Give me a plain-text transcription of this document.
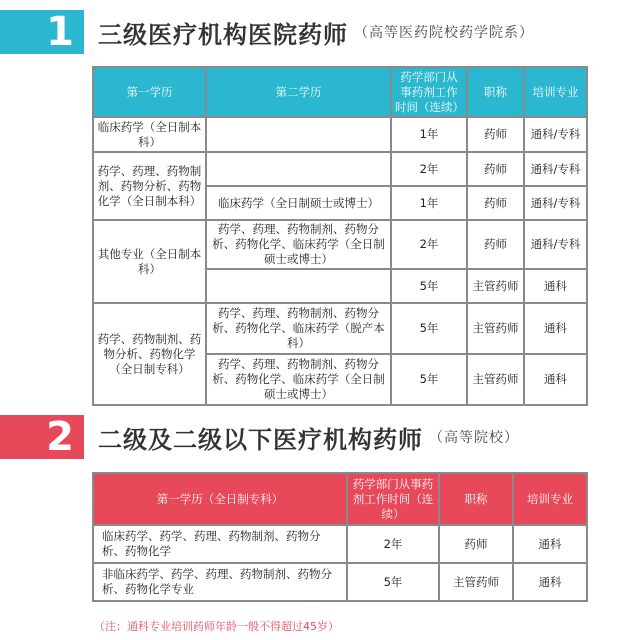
1	三级医疗机构医院药师 （高等医药院校药学院系）
第一学历	第二学历	药学部门从事药剂工作时间（连续）	职称	培训专业
临床药学（全日制本科）		1年	药师	通科/专科
药学、药理、药物制剂、药物分析、药物化学（全日制本科）		2年	药师	通科/专科
	临床药学（全日制硕士或博士）	1年	药师	通科/专科
其他专业（全日制本科）	药学、药理、药物制剂、药物分析、药物化学、临床药学（全日制硕士或博士）	2年	药师	通科/专科
		5年	主管药师	通科
药学、药物制剂、药物分析、药物化学（全日制专科）	药学、药理、药物制剂、药物分析、药物化学、临床药学（脱产本科）	5年	主管药师	通科
	药学、药理、药物制剂、药物分析、药物化学、临床药学（全日制硕士或博士）	5年	主管药师	通科
2	二级及二级以下医疗机构药师 （高等院校）
第一学历（全日制专科）	药学部门从事药剂工作时间（连续）	职称	培训专业
临床药学、药学、药理、药物制剂、药物分析、药物化学	2年	药师	通科
非临床药学、药学、药理、药物制剂、药物分析、药物化学专业	5年	主管药师	通科
（注：通科专业培训药师年龄一般不得超过45岁）
